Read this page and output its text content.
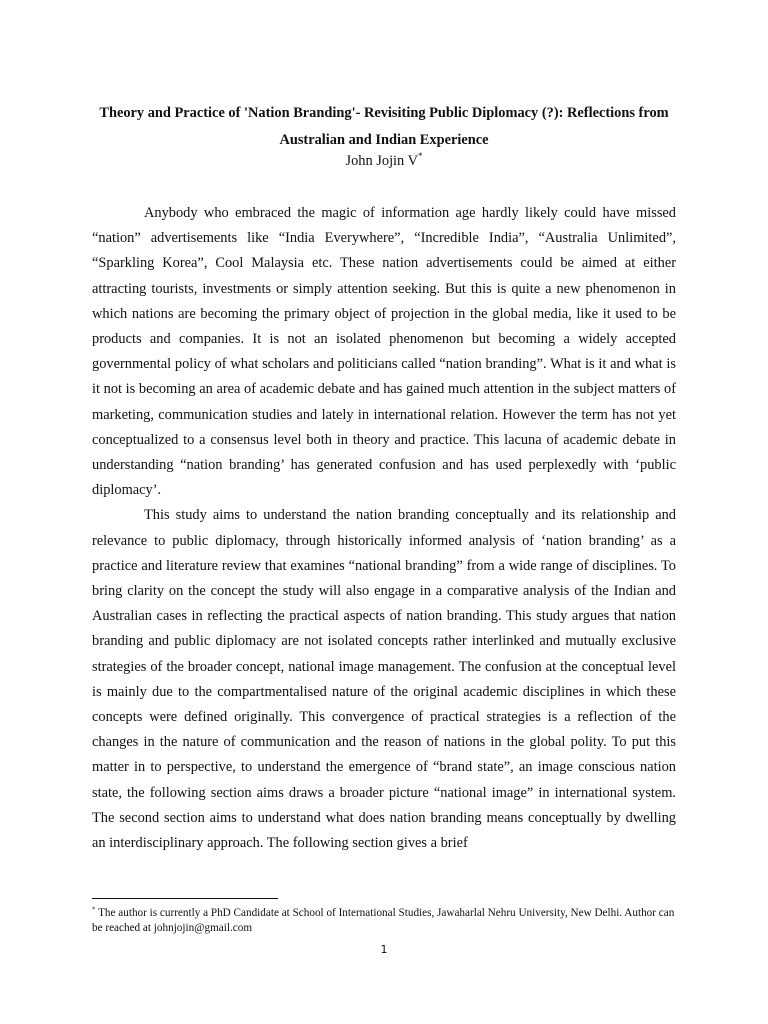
Theory and Practice of 'Nation Branding'- Revisiting Public Diplomacy (?): Reflections from Australian and Indian Experience

John Jojin V*

Anybody who embraced the magic of information age hardly likely could have missed “nation” advertisements like “India Everywhere”, “Incredible India”, “Australia Unlimited”, “Sparkling Korea”, Cool Malaysia etc. These nation advertisements could be aimed at either attracting tourists, investments or simply attention seeking. But this is quite a new phenomenon in which nations are becoming the primary object of projection in the global media, like it used to be products and companies. It is not an isolated phenomenon but becoming a widely accepted governmental policy of what scholars and politicians called “nation branding”. What is it and what is it not is becoming an area of academic debate and has gained much attention in the subject matters of marketing, communication studies and lately in international relation. However the term has not yet conceptualized to a consensus level both in theory and practice. This lacuna of academic debate in understanding “nation branding’ has generated confusion and has used perplexedly with ‘public diplomacy’.

This study aims to understand the nation branding conceptually and its relationship and relevance to public diplomacy, through historically informed analysis of ‘nation branding’ as a practice and literature review that examines “national branding” from a wide range of disciplines. To bring clarity on the concept the study will also engage in a comparative analysis of the Indian and Australian cases in reflecting the practical aspects of nation branding. This study argues that nation branding and public diplomacy are not isolated concepts rather interlinked and mutually exclusive strategies of the broader concept, national image management. The confusion at the conceptual level is mainly due to the compartmentalised nature of the original academic disciplines in which these concepts were defined originally. This convergence of practical strategies is a reflection of the changes in the nature of communication and the reason of nations in the global polity. To put this matter in to perspective, to understand the emergence of “brand state”, an image conscious nation state, the following section aims draws a broader picture “national image” in international system. The second section aims to understand what does nation branding means conceptually by dwelling an interdisciplinary approach. The following section gives a brief

* The author is currently a PhD Candidate at School of International Studies, Jawaharlal Nehru University, New Delhi. Author can be reached at johnjojin@gmail.com

1
